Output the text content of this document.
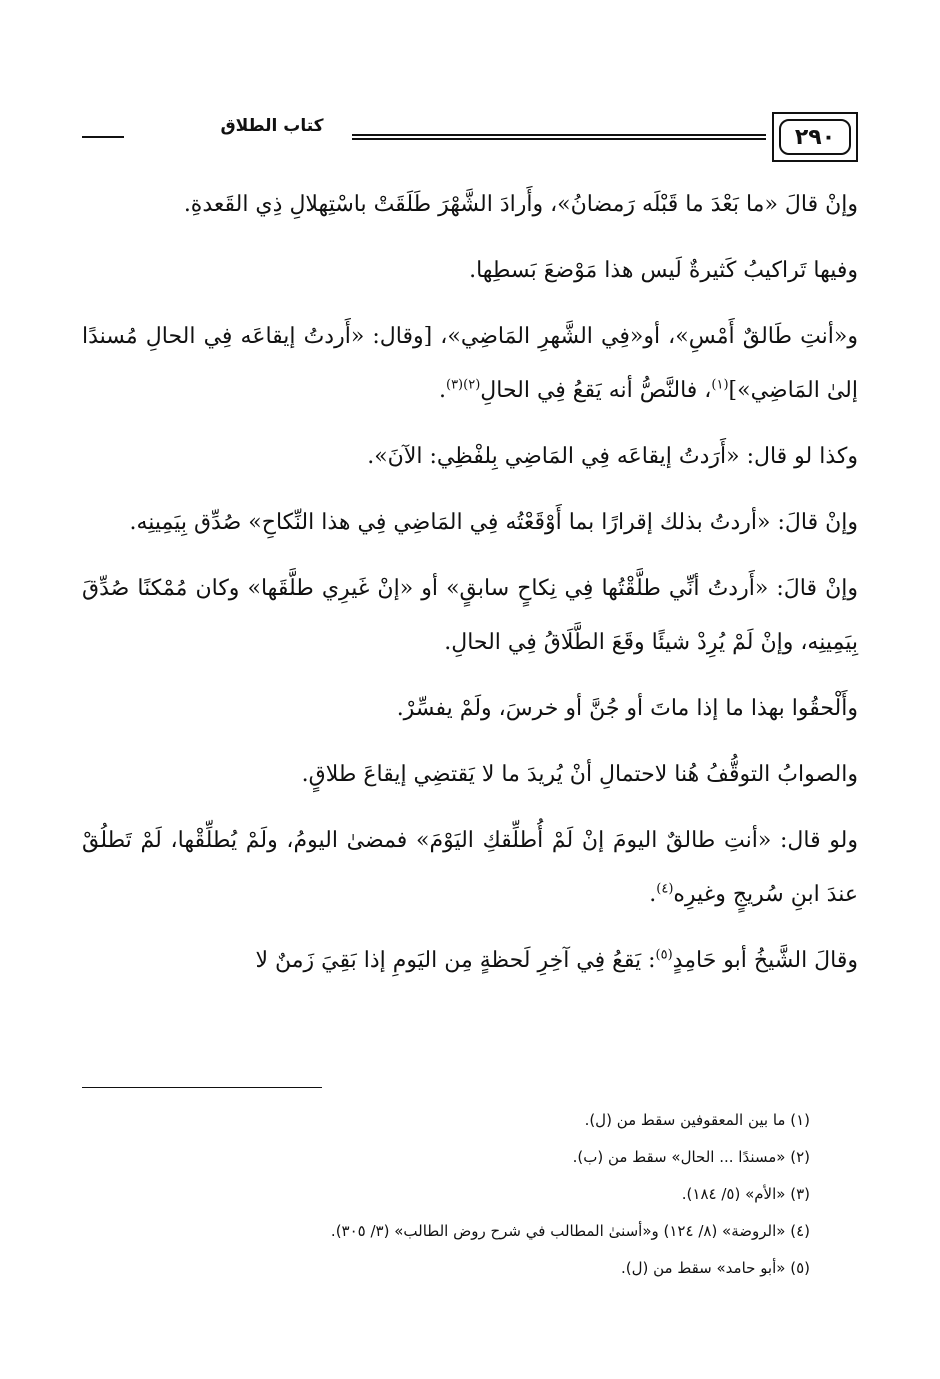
٢٩٠
كتاب الطلاق

وإنْ قالَ «ما بَعْدَ ما قَبْلَه رَمضانُ»، وأَرادَ الشَّهْرَ طَلَقَتْ باسْتِهلالِ ذِي القَعدةِ.

وفيها تَراكيبُ كَثيرةٌ لَيس هذا مَوْضعَ بَسطِها.

و«أنتِ طَالقٌ أَمْسِ»، أو«فِي الشَّهرِ المَاضِي»، [وقال: «أَردتُ إيقاعَه فِي الحالِ مُسندًا إلىٰ المَاضِي»]$^{(١)}$، فالنَّصُّ أنه يَقعُ فِي الحالِ$^{(٢)(٣)}$.

وكذا لو قال: «أَرَدتُ إيقاعَه فِي المَاضِي بِلفْظِي: الآنَ».

وإنْ قالَ: «أردتُ بذلك إقرارًا بما أَوْقَعْتُه فِي المَاضِي فِي هذا النِّكاحِ» صُدِّق بِيَمِينِه.

وإنْ قالَ: «أَردتُ أنِّي طلَّقْتُها فِي نِكاحٍ سابقٍ» أو «إنْ غَيرِي طلَّقَها» وكان مُمْكنًا صُدِّقَ بِيَمِينِه، وإنْ لَمْ يُرِدْ شيئًا وقَعَ الطَّلَاقُ فِي الحالِ.

وأَلْحقُوا بهذا ما إذا ماتَ أو جُنَّ أو خرسَ، ولَمْ يفسِّرْ.

والصوابُ التوقُّفُ هُنا لاحتمالِ أنْ يُريدَ ما لا يَقتضِي إيقاعَ طلاقٍ.

ولو قال: «أنتِ طالقٌ اليومَ إنْ لَمْ أُطلِّقكِ اليَوْمَ» فمضىٰ اليومُ، ولَمْ يُطلِّقْها، لَمْ تَطلُقْ عندَ ابنِ سُريجٍ وغيرِه$^{(٤)}$.

وقالَ الشَّيخُ أبو حَامِدٍ$^{(٥)}$: يَقعُ فِي آخِرِ لَحظةٍ مِن اليَومِ إذا بَقِيَ زَمنٌ لا

(١) ما بين المعقوفين سقط من (ل).
(٢) «مسندًا ... الحال» سقط من (ب).
(٣) «الأم» (٥/ ١٨٤).
(٤) «الروضة» (٨/ ١٢٤) و«أسنىٰ المطالب في شرح روض الطالب» (٣/ ٣٠٥).
(٥) «أبو حامد» سقط من (ل).
